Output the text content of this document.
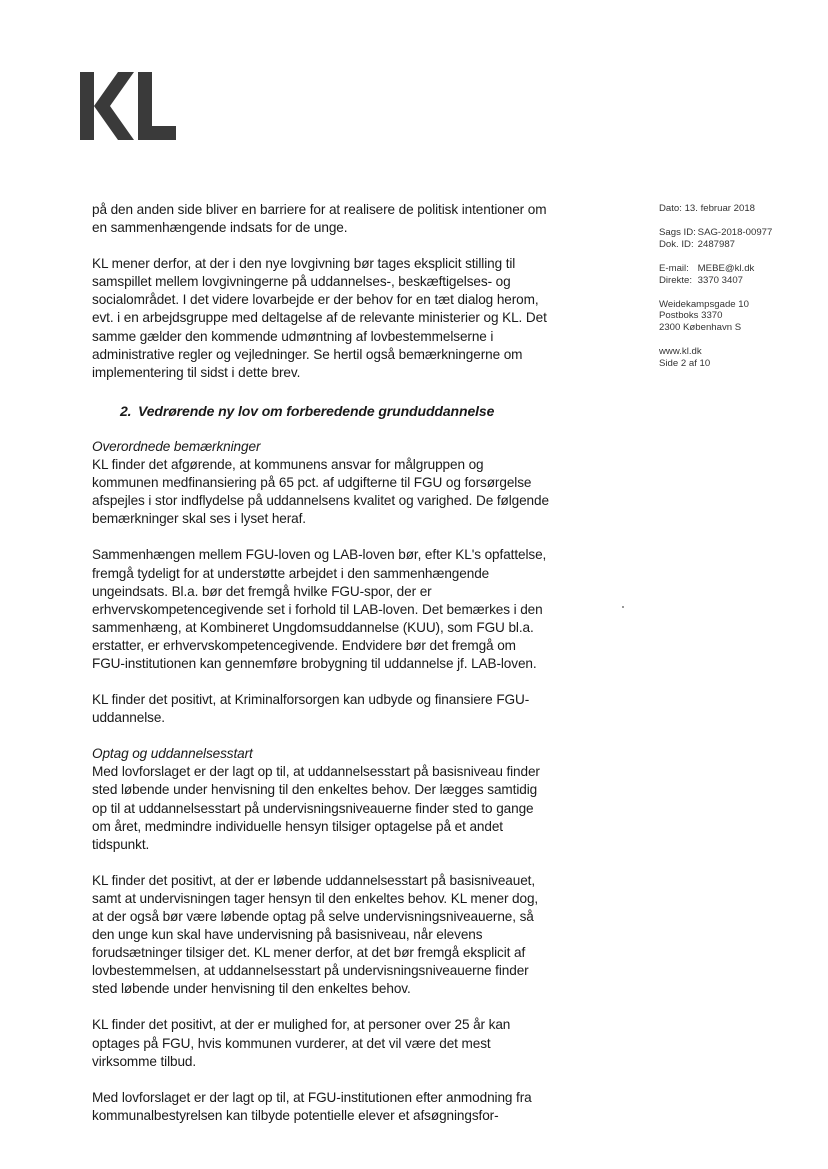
Dato: 13. februar 2018
Sags ID: SAG-2018-00977
Dok. ID: 2487987
E-mail: MEBE@kl.dk
Direkte: 3370 3407
Weidekampsgade 10
Postboks 3370
2300 København S
www.kl.dk
Side 2 af 10

på den anden side bliver en barriere for at realisere de politisk intentioner om en sammenhængende indsats for de unge.

KL mener derfor, at der i den nye lovgivning bør tages eksplicit stilling til samspillet mellem lovgivningerne på uddannelses-, beskæftigelses- og socialområdet. I det videre lovarbejde er der behov for en tæt dialog herom, evt. i en arbejdsgruppe med deltagelse af de relevante ministerier og KL. Det samme gælder den kommende udmøntning af lovbestemmelserne i administrative regler og vejledninger. Se hertil også bemærkningerne om implementering til sidst i dette brev.

2. Vedrørende ny lov om forberedende grunduddannelse
Overordnede bemærkninger

KL finder det afgørende, at kommunens ansvar for målgruppen og kommunen medfinansiering på 65 pct. af udgifterne til FGU og forsørgelse afspejles i stor indflydelse på uddannelsens kvalitet og varighed. De følgende bemærkninger skal ses i lyset heraf.

Sammenhængen mellem FGU-loven og LAB-loven bør, efter KL's opfattelse, fremgå tydeligt for at understøtte arbejdet i den sammenhængende ungeindsats. Bl.a. bør det fremgå hvilke FGU-spor, der er erhvervskompetencegivende set i forhold til LAB-loven. Det bemærkes i den sammenhæng, at Kombineret Ungdomsuddannelse (KUU), som FGU bl.a. erstatter, er erhvervskompetencegivende. Endvidere bør det fremgå om FGU-institutionen kan gennemføre brobygning til uddannelse jf. LAB-loven.

KL finder det positivt, at Kriminalforsorgen kan udbyde og finansiere FGU-uddannelse.

Optag og uddannelsesstart

Med lovforslaget er der lagt op til, at uddannelsesstart på basisniveau finder sted løbende under henvisning til den enkeltes behov. Der lægges samtidig op til at uddannelsesstart på undervisningsniveauerne finder sted to gange om året, medmindre individuelle hensyn tilsiger optagelse på et andet tidspunkt.

KL finder det positivt, at der er løbende uddannelsesstart på basisniveauet, samt at undervisningen tager hensyn til den enkeltes behov. KL mener dog, at der også bør være løbende optag på selve undervisningsniveauerne, så den unge kun skal have undervisning på basisniveau, når elevens forudsætninger tilsiger det. KL mener derfor, at det bør fremgå eksplicit af lovbestemmelsen, at uddannelsesstart på undervisningsniveauerne finder sted løbende under henvisning til den enkeltes behov.

KL finder det positivt, at der er mulighed for, at personer over 25 år kan optages på FGU, hvis kommunen vurderer, at det vil være det mest virksomme tilbud.

Med lovforslaget er der lagt op til, at FGU-institutionen efter anmodning fra kommunalbestyrelsen kan tilbyde potentielle elever et afsøgningsfor-
